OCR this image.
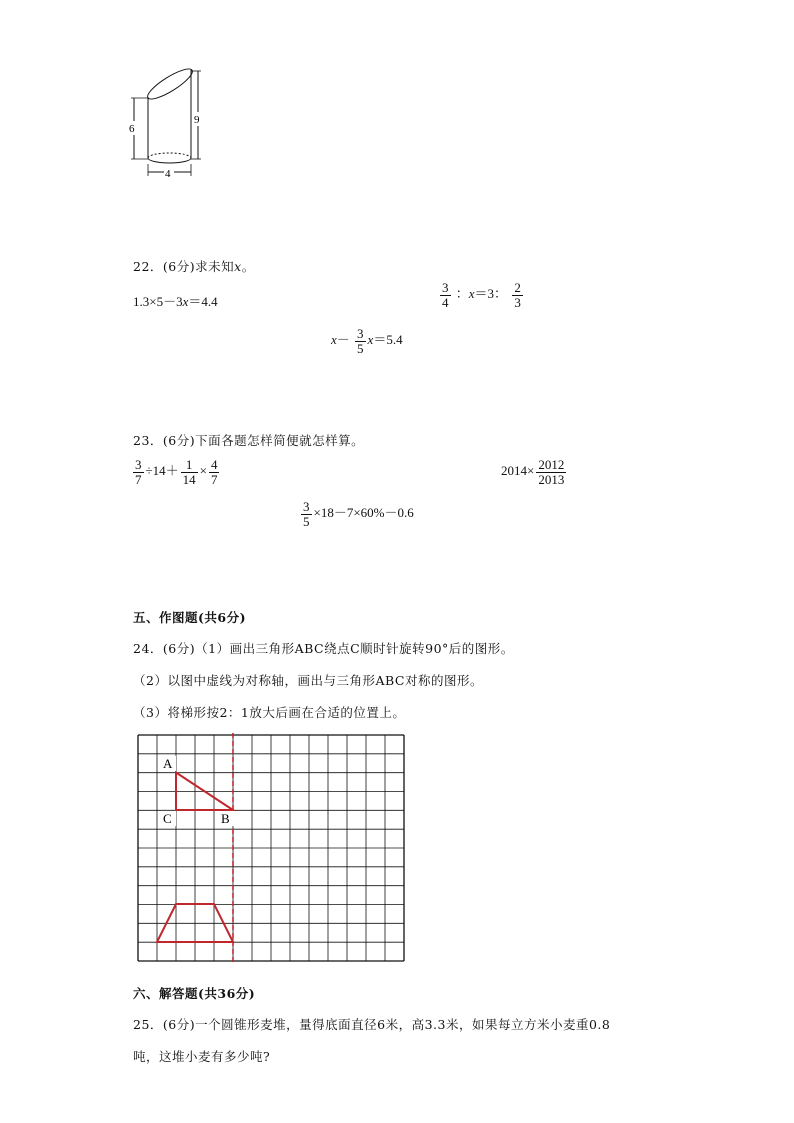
6
9
4
22．(6分)求未知x。
1.3×5－3x＝4.4	$\frac{3}{4}$ ：x＝3： $\frac{2}{3}$
$x- \frac{3}{5} x=5.4$
23．(6分)下面各题怎样简便就怎样算。
$\frac{3}{7} \div 14+ \frac{1}{14} \times \frac{4}{7}$	$2014\times \frac{2012}{2013}$
$\frac{3}{5} \times 18-7\times 60\%-0.6$
五、作图题(共6分)
24．(6分)（1）画出三角形ABC绕点C顺时针旋转90°后的图形。
（2）以图中虚线为对称轴，画出与三角形ABC对称的图形。
（3）将梯形按2：1放大后画在合适的位置上。
A
C	B
六、解答题(共36分)
25．(6分)一个圆锥形麦堆，量得底面直径6米，高3.3米，如果每立方米小麦重0.8
吨，这堆小麦有多少吨?
